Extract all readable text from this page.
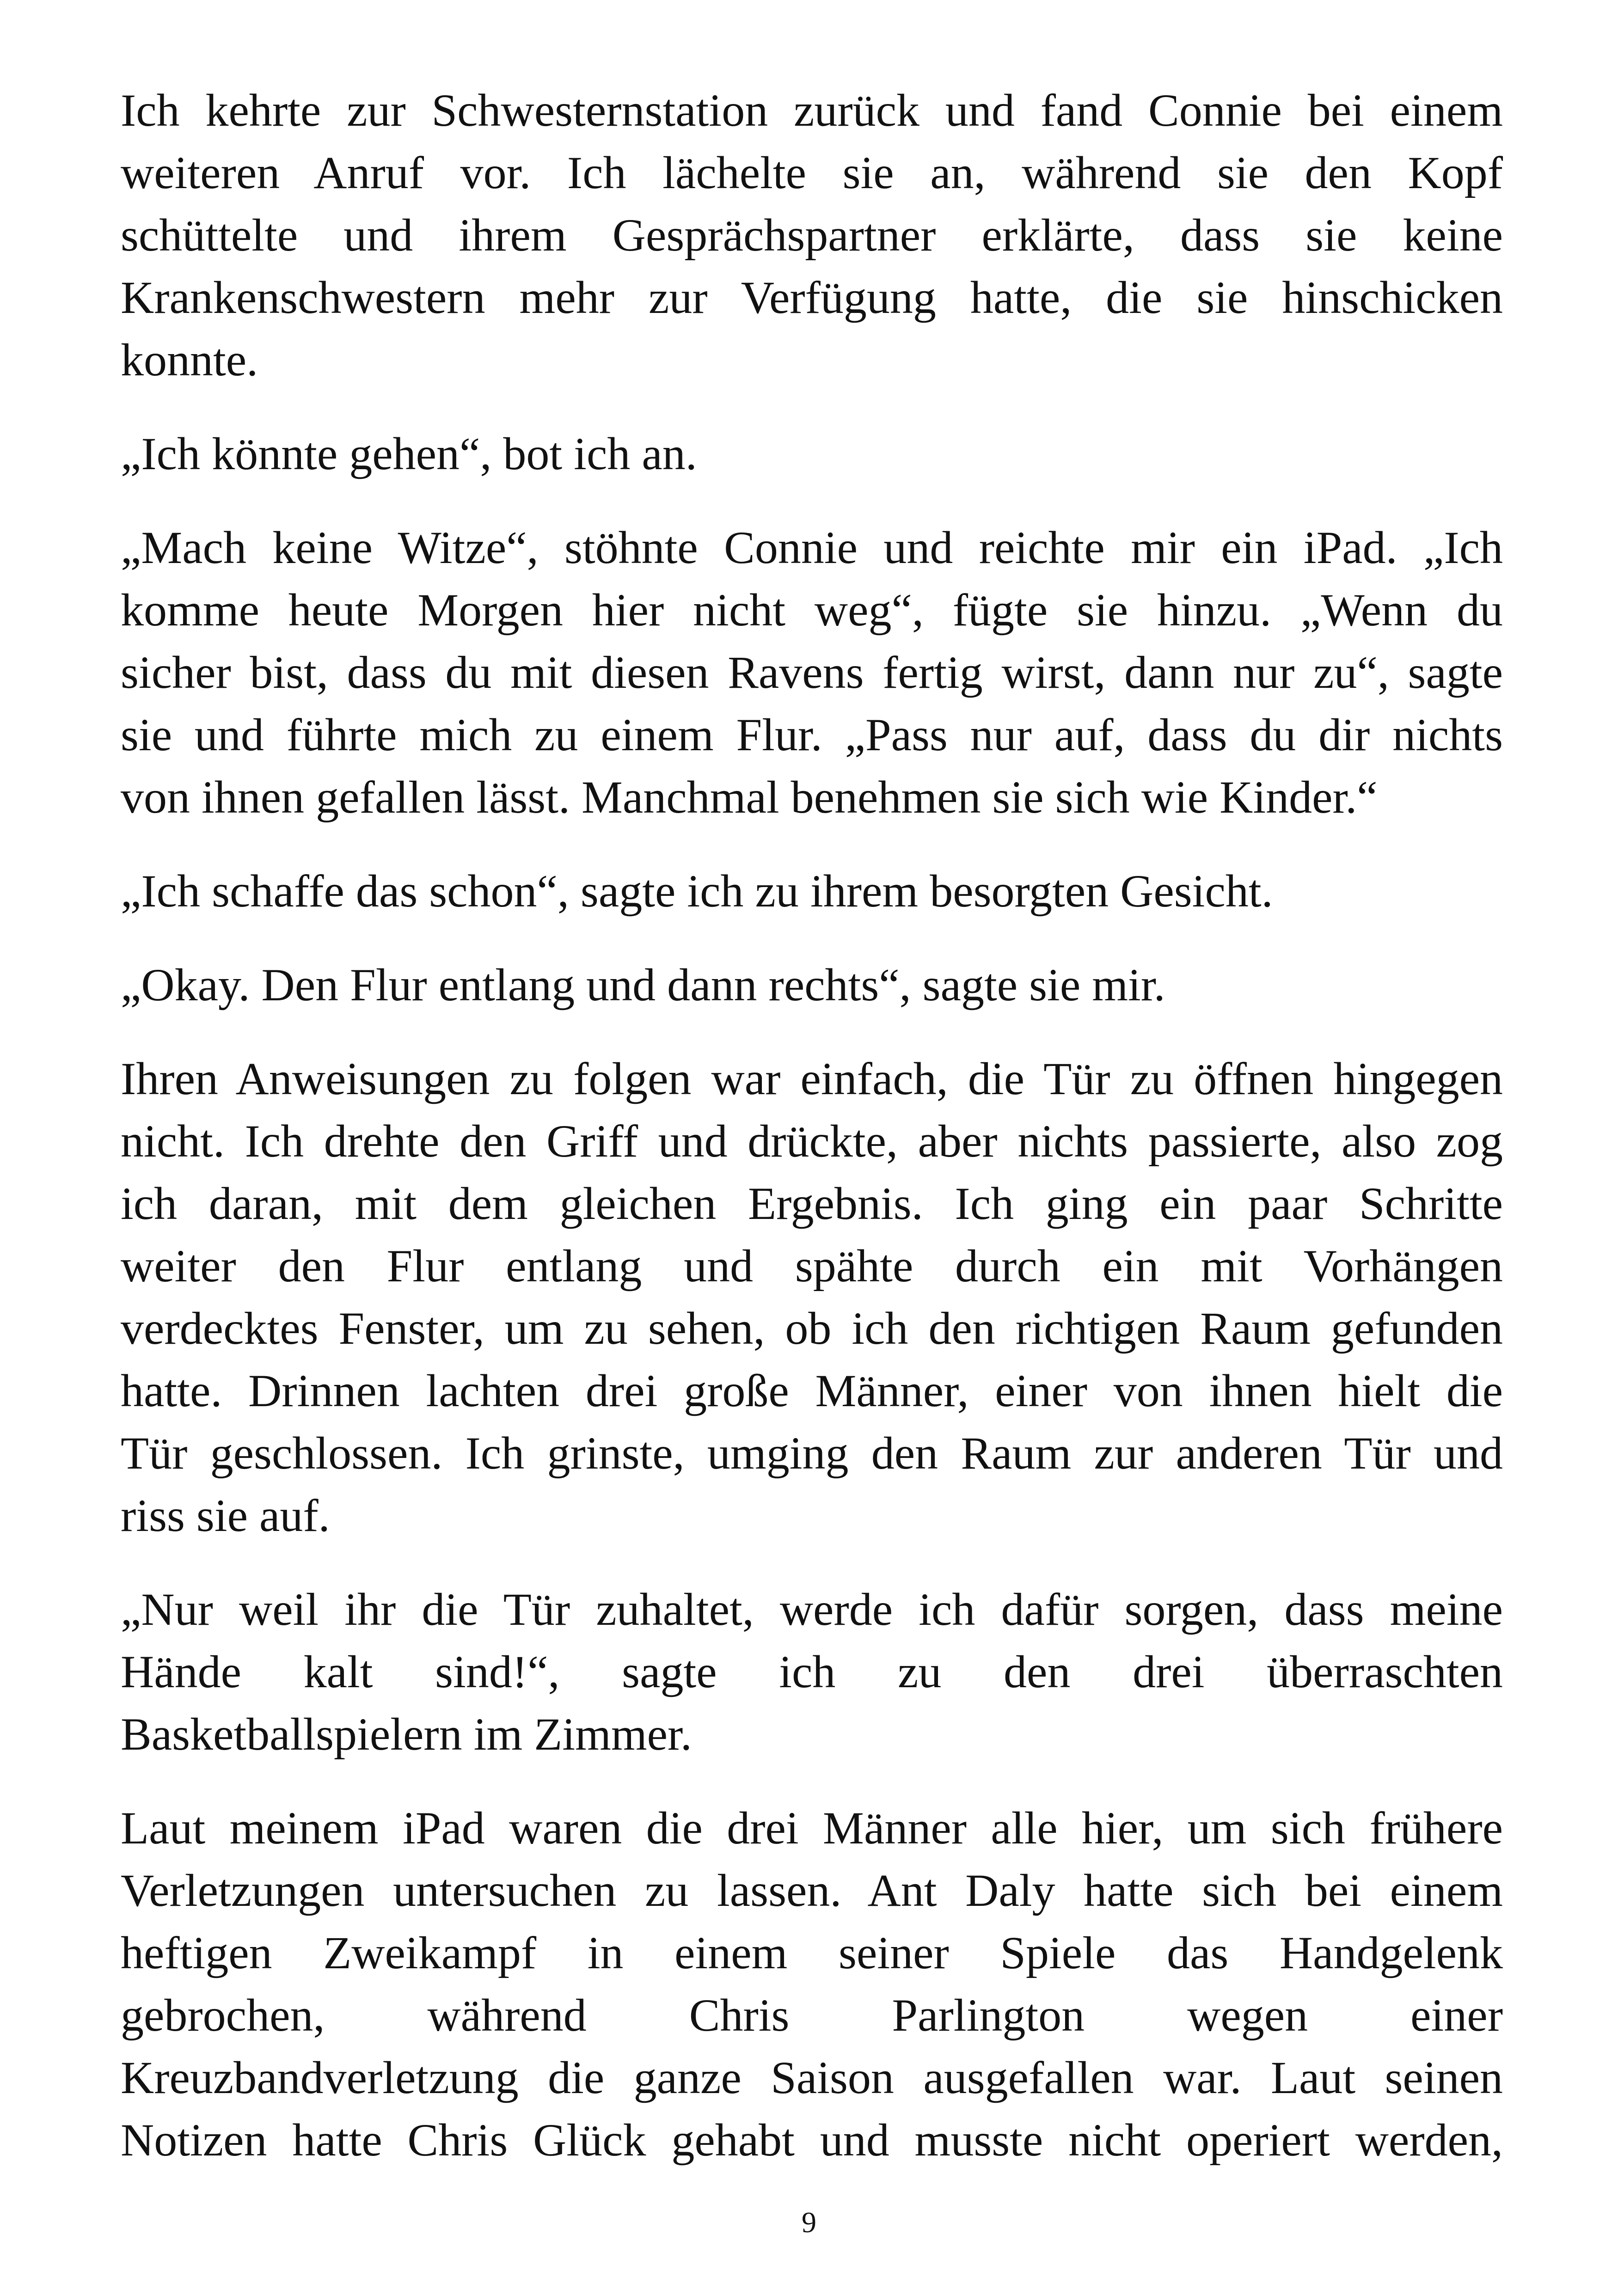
Ich kehrte zur Schwesternstation zurück und fand Connie bei einem
weiteren Anruf vor. Ich lächelte sie an, während sie den Kopf
schüttelte und ihrem Gesprächspartner erklärte, dass sie keine
Krankenschwestern mehr zur Verfügung hatte, die sie hinschicken
konnte.
„Ich könnte gehen“, bot ich an.
„Mach keine Witze“, stöhnte Connie und reichte mir ein iPad. „Ich
komme heute Morgen hier nicht weg“, fügte sie hinzu. „Wenn du
sicher bist, dass du mit diesen Ravens fertig wirst, dann nur zu“, sagte
sie und führte mich zu einem Flur. „Pass nur auf, dass du dir nichts
von ihnen gefallen lässt. Manchmal benehmen sie sich wie Kinder.“
„Ich schaffe das schon“, sagte ich zu ihrem besorgten Gesicht.
„Okay. Den Flur entlang und dann rechts“, sagte sie mir.
Ihren Anweisungen zu folgen war einfach, die Tür zu öffnen hingegen
nicht. Ich drehte den Griff und drückte, aber nichts passierte, also zog
ich daran, mit dem gleichen Ergebnis. Ich ging ein paar Schritte
weiter den Flur entlang und spähte durch ein mit Vorhängen
verdecktes Fenster, um zu sehen, ob ich den richtigen Raum gefunden
hatte. Drinnen lachten drei große Männer, einer von ihnen hielt die
Tür geschlossen. Ich grinste, umging den Raum zur anderen Tür und
riss sie auf.
„Nur weil ihr die Tür zuhaltet, werde ich dafür sorgen, dass meine
Hände kalt sind!“, sagte ich zu den drei überraschten
Basketballspielern im Zimmer.
Laut meinem iPad waren die drei Männer alle hier, um sich frühere
Verletzungen untersuchen zu lassen. Ant Daly hatte sich bei einem
heftigen Zweikampf in einem seiner Spiele das Handgelenk
gebrochen, während Chris Parlington wegen einer
Kreuzbandverletzung die ganze Saison ausgefallen war. Laut seinen
Notizen hatte Chris Glück gehabt und musste nicht operiert werden,
9
